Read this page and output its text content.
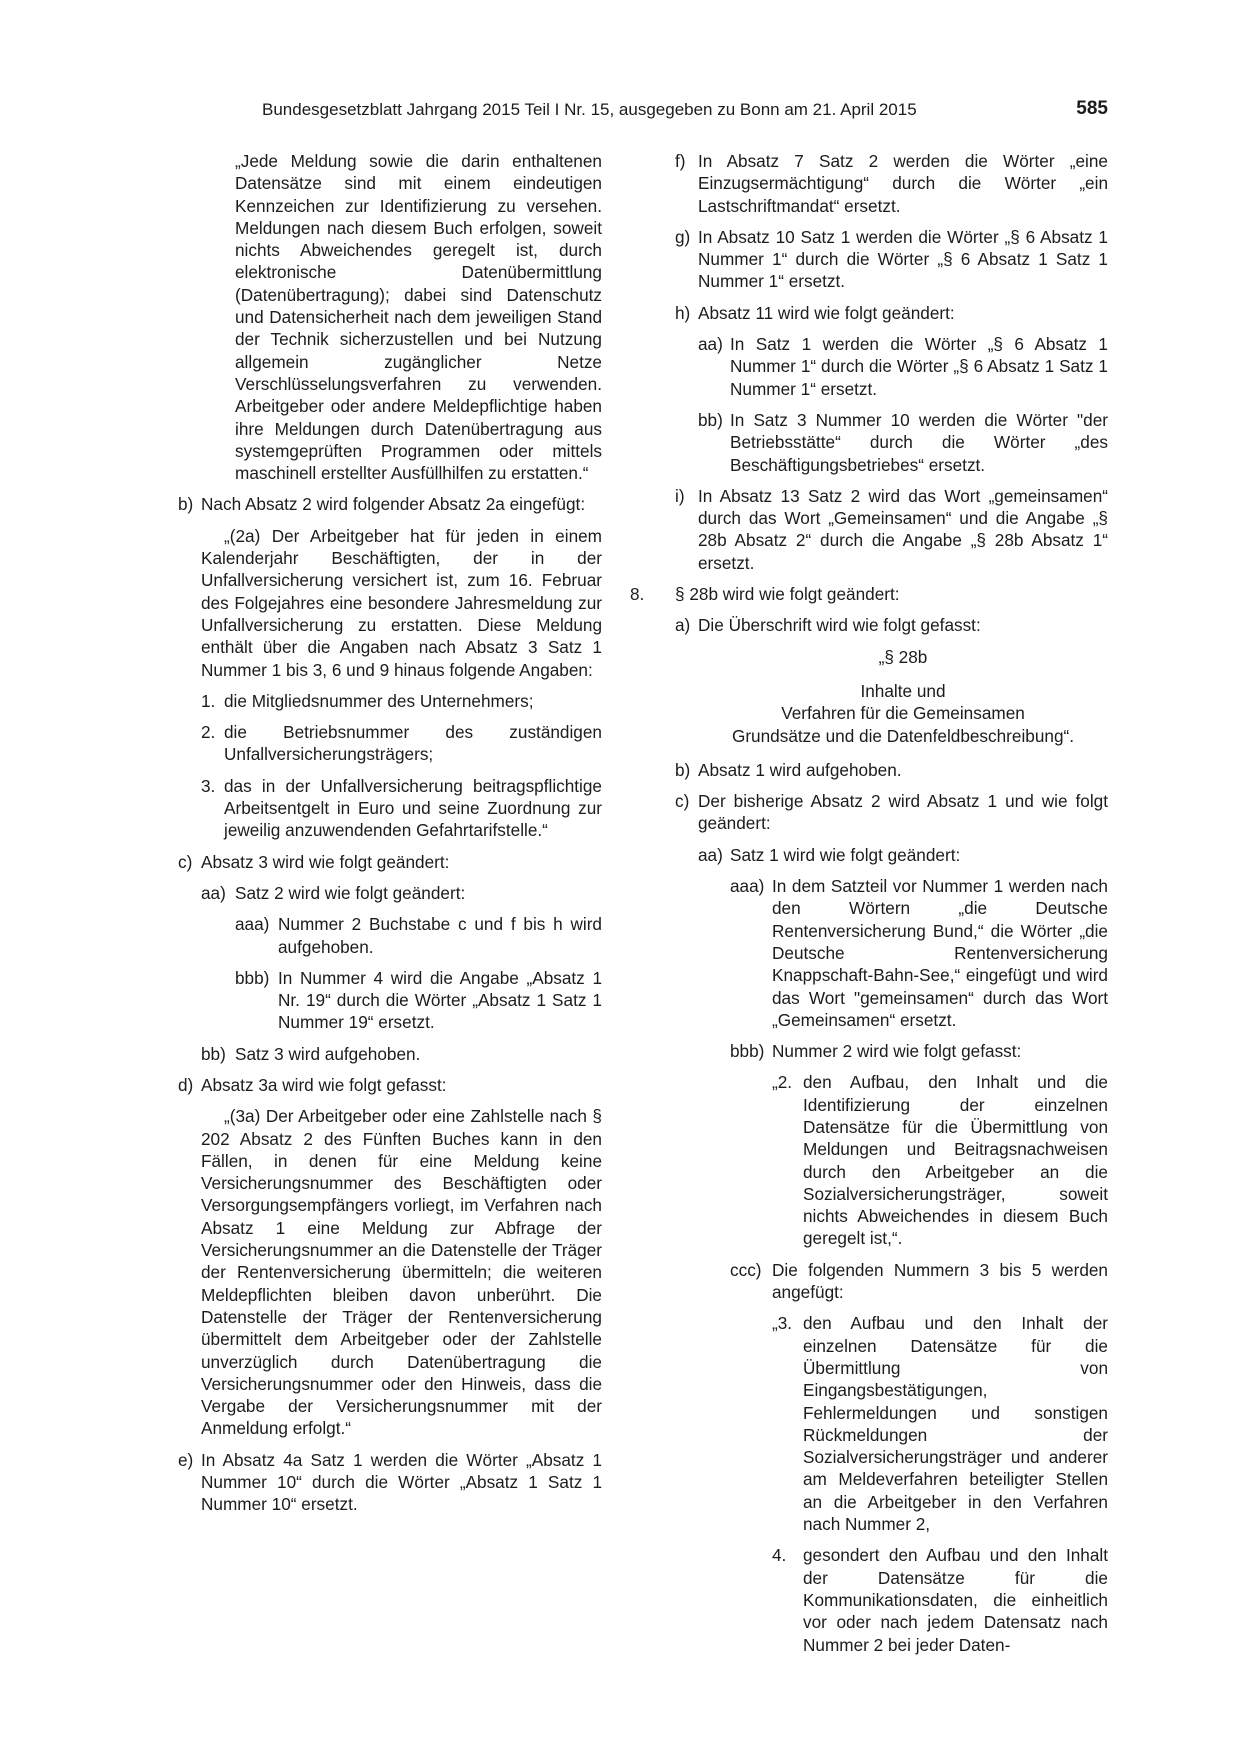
Bundesgesetzblatt Jahrgang 2015 Teil I Nr. 15, ausgegeben zu Bonn am 21. April 2015	585
„Jede Meldung sowie die darin enthaltenen Datensätze sind mit einem eindeutigen Kennzeichen zur Identifizierung zu versehen. Meldungen nach diesem Buch erfolgen, soweit nichts Abweichendes geregelt ist, durch elektronische Datenübermittlung (Datenübertragung); dabei sind Datenschutz und Datensicherheit nach dem jeweiligen Stand der Technik sicherzustellen und bei Nutzung allgemein zugänglicher Netze Verschlüsselungsverfahren zu verwenden. Arbeitgeber oder andere Meldepflichtige haben ihre Meldungen durch Datenübertragung aus systemgeprüften Programmen oder mittels maschinell erstellter Ausfüllhilfen zu erstatten.“
b) Nach Absatz 2 wird folgender Absatz 2a eingefügt:
„(2a) Der Arbeitgeber hat für jeden in einem Kalenderjahr Beschäftigten, der in der Unfallversicherung versichert ist, zum 16. Februar des Folgejahres eine besondere Jahresmeldung zur Unfallversicherung zu erstatten. Diese Meldung enthält über die Angaben nach Absatz 3 Satz 1 Nummer 1 bis 3, 6 und 9 hinaus folgende Angaben:
1. die Mitgliedsnummer des Unternehmers;
2. die Betriebsnummer des zuständigen Unfallversicherungsträgers;
3. das in der Unfallversicherung beitragspflichtige Arbeitsentgelt in Euro und seine Zuordnung zur jeweilig anzuwendenden Gefahrtarifstelle.“
c) Absatz 3 wird wie folgt geändert:
aa) Satz 2 wird wie folgt geändert:
aaa) Nummer 2 Buchstabe c und f bis h wird aufgehoben.
bbb) In Nummer 4 wird die Angabe „Absatz 1 Nr. 19“ durch die Wörter „Absatz 1 Satz 1 Nummer 19“ ersetzt.
bb) Satz 3 wird aufgehoben.
d) Absatz 3a wird wie folgt gefasst:
„(3a) Der Arbeitgeber oder eine Zahlstelle nach § 202 Absatz 2 des Fünften Buches kann in den Fällen, in denen für eine Meldung keine Versicherungsnummer des Beschäftigten oder Versorgungsempfängers vorliegt, im Verfahren nach Absatz 1 eine Meldung zur Abfrage der Versicherungsnummer an die Datenstelle der Träger der Rentenversicherung übermitteln; die weiteren Meldepflichten bleiben davon unberührt. Die Datenstelle der Träger der Rentenversicherung übermittelt dem Arbeitgeber oder der Zahlstelle unverzüglich durch Datenübertragung die Versicherungsnummer oder den Hinweis, dass die Vergabe der Versicherungsnummer mit der Anmeldung erfolgt.“
e) In Absatz 4a Satz 1 werden die Wörter „Absatz 1 Nummer 10“ durch die Wörter „Absatz 1 Satz 1 Nummer 10“ ersetzt.
f) In Absatz 7 Satz 2 werden die Wörter „eine Einzugsermächtigung“ durch die Wörter „ein Lastschriftmandat“ ersetzt.
g) In Absatz 10 Satz 1 werden die Wörter „§ 6 Absatz 1 Nummer 1“ durch die Wörter „§ 6 Absatz 1 Satz 1 Nummer 1“ ersetzt.
h) Absatz 11 wird wie folgt geändert:
aa) In Satz 1 werden die Wörter „§ 6 Absatz 1 Nummer 1“ durch die Wörter „§ 6 Absatz 1 Satz 1 Nummer 1“ ersetzt.
bb) In Satz 3 Nummer 10 werden die Wörter "der Betriebsstätte“ durch die Wörter „des Beschäftigungsbetriebes“ ersetzt.
i) In Absatz 13 Satz 2 wird das Wort „gemeinsamen“ durch das Wort „Gemeinsamen“ und die Angabe „§ 28b Absatz 2“ durch die Angabe „§ 28b Absatz 1“ ersetzt.
8.	§ 28b wird wie folgt geändert:
a) Die Überschrift wird wie folgt gefasst:
„§ 28b
Inhalte und
Verfahren für die Gemeinsamen
Grundsätze und die Datenfeldbeschreibung“.
b) Absatz 1 wird aufgehoben.
c) Der bisherige Absatz 2 wird Absatz 1 und wie folgt geändert:
aa) Satz 1 wird wie folgt geändert:
aaa) In dem Satzteil vor Nummer 1 werden nach den Wörtern „die Deutsche Rentenversicherung Bund,“ die Wörter „die Deutsche Rentenversicherung Knappschaft-Bahn-See,“ eingefügt und wird das Wort "gemeinsamen“ durch das Wort „Gemeinsamen“ ersetzt.
bbb) Nummer 2 wird wie folgt gefasst:
„2. den Aufbau, den Inhalt und die Identifizierung der einzelnen Datensätze für die Übermittlung von Meldungen und Beitragsnachweisen durch den Arbeitgeber an die Sozialversicherungsträger, soweit nichts Abweichendes in diesem Buch geregelt ist,“.
ccc) Die folgenden Nummern 3 bis 5 werden angefügt:
„3. den Aufbau und den Inhalt der einzelnen Datensätze für die Übermittlung von Eingangsbestätigungen, Fehlermeldungen und sonstigen Rückmeldungen der Sozialversicherungsträger und anderer am Meldeverfahren beteiligter Stellen an die Arbeitgeber in den Verfahren nach Nummer 2,
4. gesondert den Aufbau und den Inhalt der Datensätze für die Kommunikationsdaten, die einheitlich vor oder nach jedem Datensatz nach Nummer 2 bei jeder Daten-
